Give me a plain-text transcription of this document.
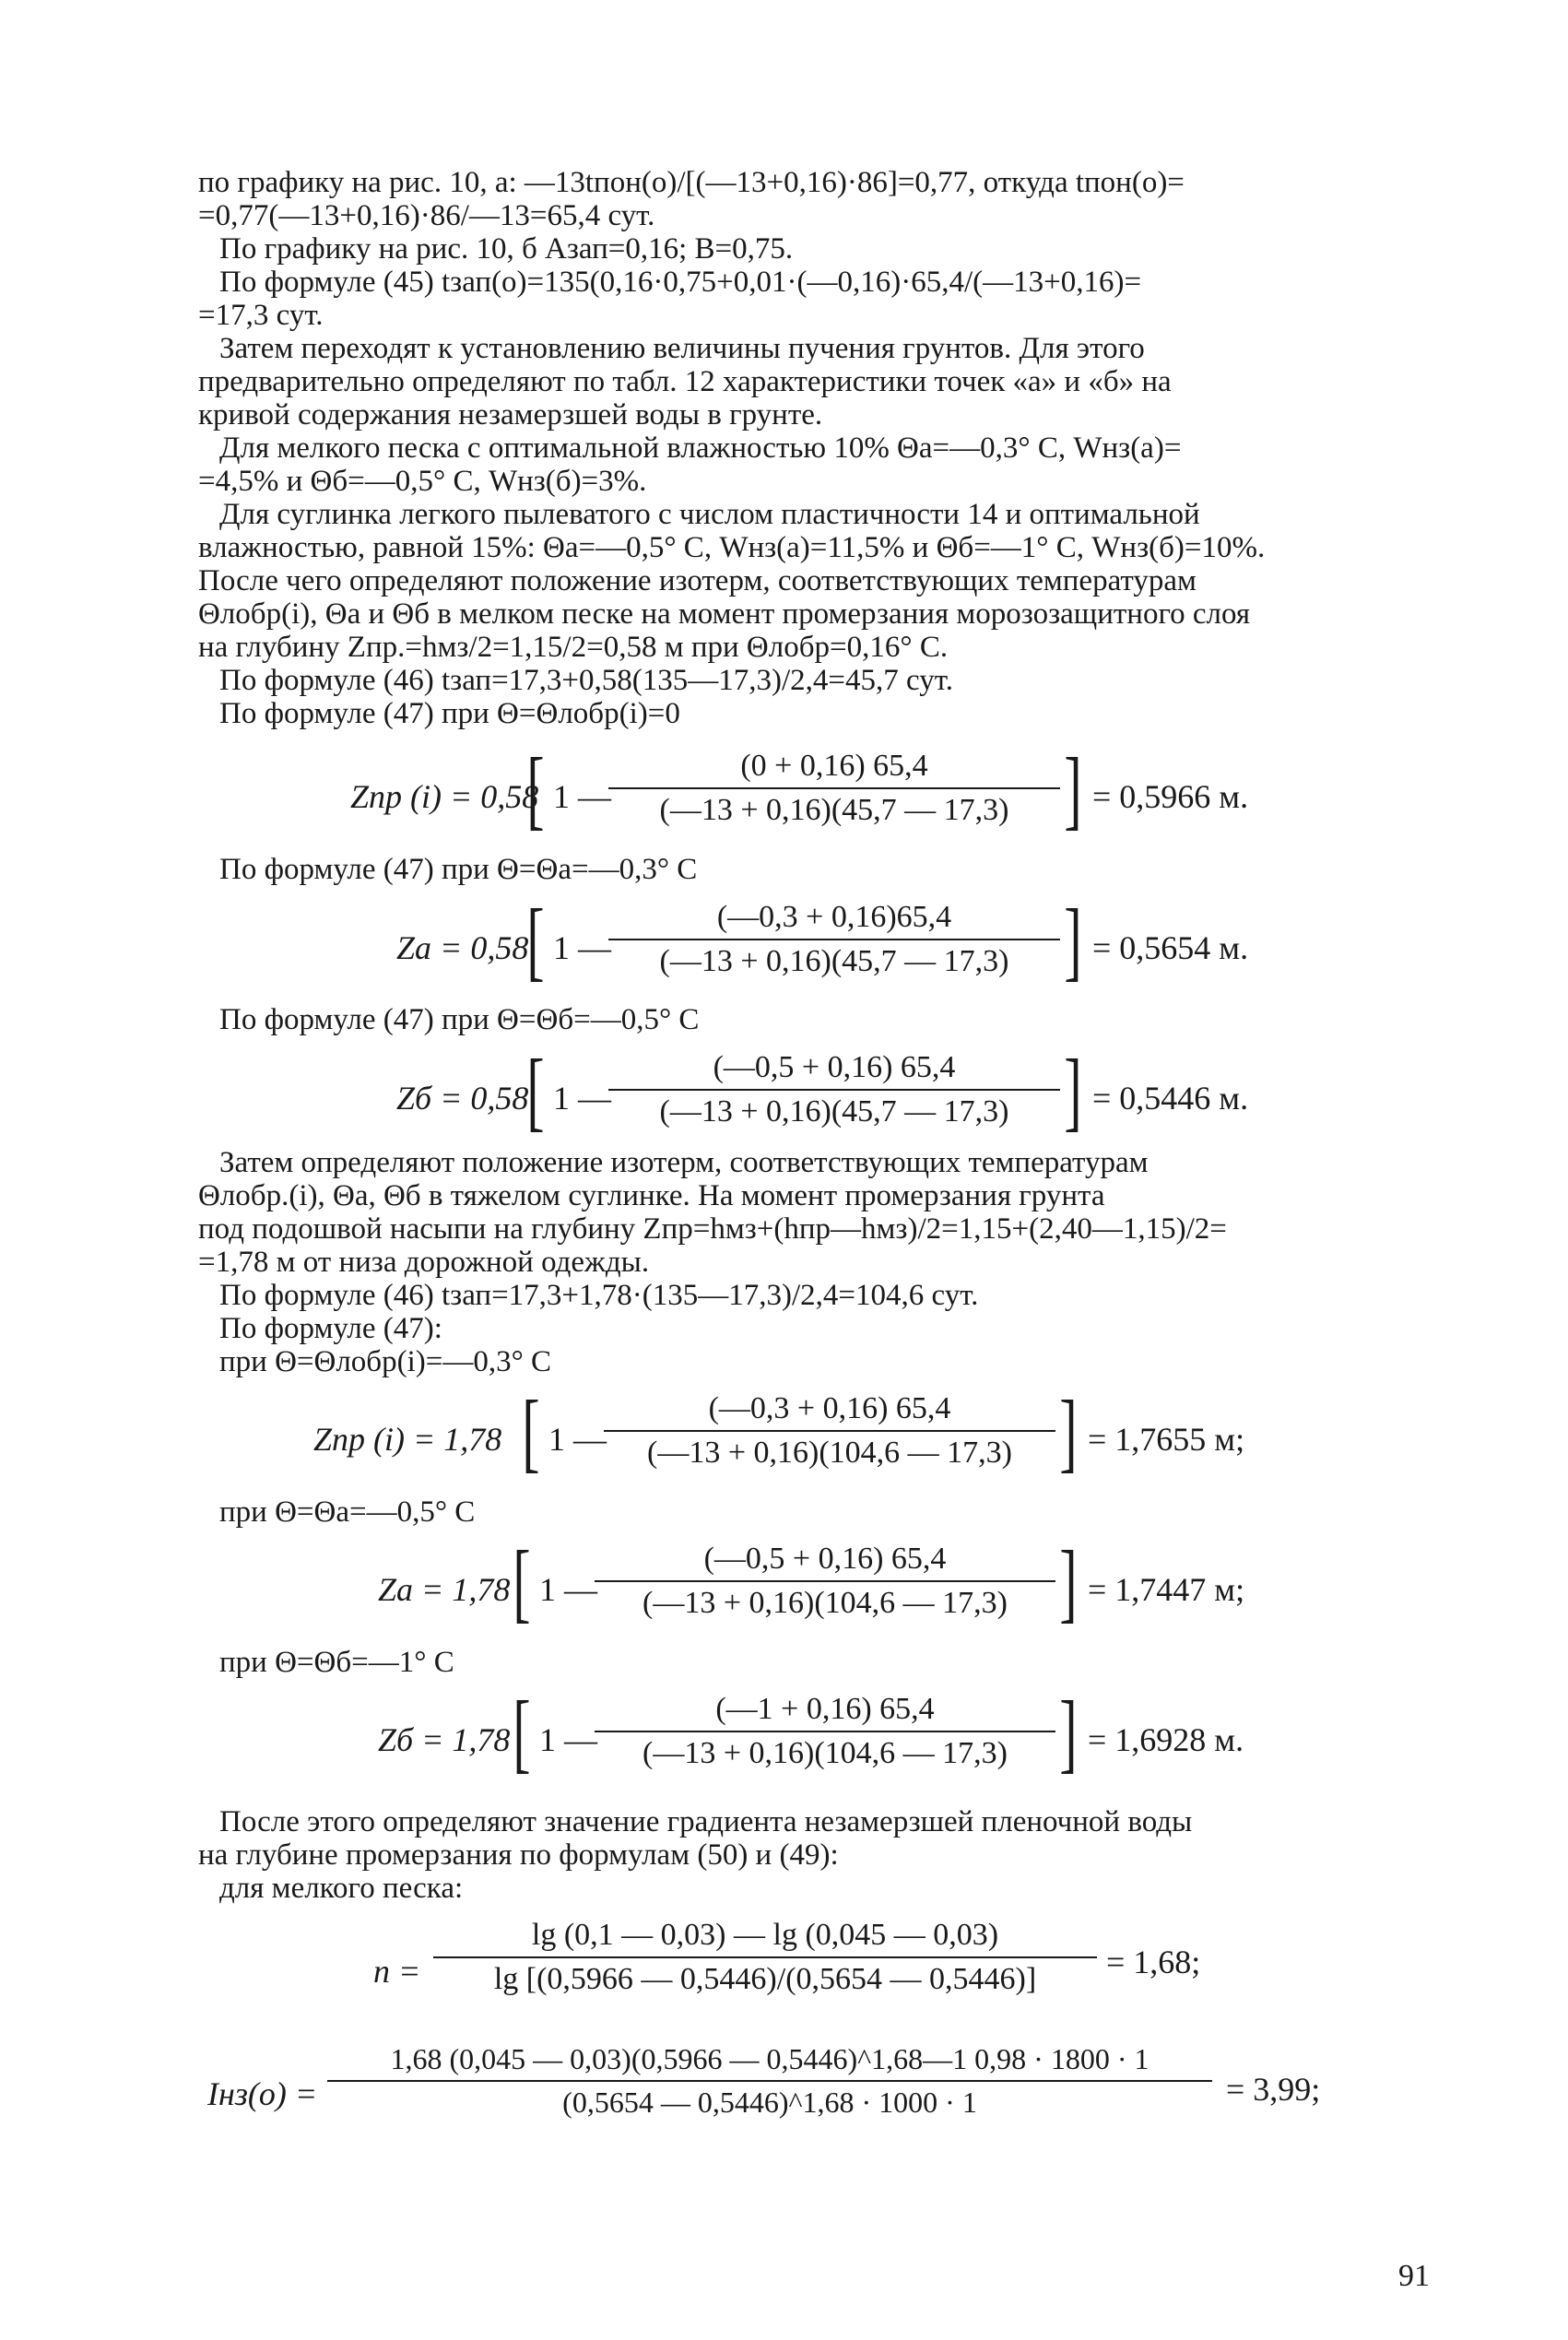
по графику на рис. 10, а: —13tпон(о)/[(—13+0,16)·86]=0,77, откуда tпон(о)=
=0,77(—13+0,16)·86/—13=65,4 сут.
По графику на рис. 10, б Азап=0,16; В=0,75.
По формуле (45) tзап(о)=135(0,16·0,75+0,01·(—0,16)·65,4/(—13+0,16)=
=17,3 сут.
Затем переходят к установлению величины пучения грунтов. Для этого
предварительно определяют по табл. 12 характеристики точек «а» и «б» на
кривой содержания незамерзшей воды в грунте.
Для мелкого песка с оптимальной влажностью 10% Θа=—0,3° С, Wнз(а)=
=4,5% и Θб=—0,5° С, Wнз(б)=3%.
Для суглинка легкого пылеватого с числом пластичности 14 и оптимальной
влажностью, равной 15%: Θа=—0,5° С, Wнз(а)=11,5% и Θб=—1° С, Wнз(б)=10%.
После чего определяют положение изотерм, соответствующих температурам
Θлобр(i), Θа и Θб в мелком песке на момент промерзания морозозащитного слоя
на глубину Zпр.=hмз/2=1,15/2=0,58 м при Θлобр=0,16° С.
По формуле (46) tзап=17,3+0,58(135—17,3)/2,4=45,7 сут.
По формуле (47) при Θ=Θлобр(i)=0
Zпр (i) = 0,58
[ 1 —
$\frac{(0 + 0,16) 65,4}{(—13 + 0,16)(45,7 — 17,3)}$ ] = 0,5966 м.
По формуле (47) при Θ=Θа=—0,3° С
Zа = 0,58
[ 1 —
$\frac{(—0,3 + 0,16)65,4}{(—13 + 0,16)(45,7 — 17,3)}$ ] = 0,5654 м.
По формуле (47) при Θ=Θб=—0,5° С
Zб = 0,58
[ 1 —
$\frac{(—0,5 + 0,16) 65,4}{(—13 + 0,16)(45,7 — 17,3)}$ ] = 0,5446 м.
Затем определяют положение изотерм, соответствующих температурам
Θлобр.(i), Θа, Θб в тяжелом суглинке. На момент промерзания грунта
под подошвой насыпи на глубину Zпр=hмз+(hпр—hмз)/2=1,15+(2,40—1,15)/2=
=1,78 м от низа дорожной одежды.
По формуле (46) tзап=17,3+1,78·(135—17,3)/2,4=104,6 сут.
По формуле (47):
при Θ=Θлобр(i)=—0,3° С
Zпр (i) = 1,78 [ 1 —
$\frac{(—0,3 + 0,16) 65,4}{(—13 + 0,16)(104,6 — 17,3)}$ ] = 1,7655 м;
при Θ=Θа=—0,5° С
Zа = 1,78 [ 1 —
$\frac{(—0,5 + 0,16) 65,4}{(—13 + 0,16)(104,6 — 17,3)}$ ] = 1,7447 м;
при Θ=Θб=—1° С
Zб = 1,78 [ 1 —
$\frac{(—1 + 0,16) 65,4}{(—13 + 0,16)(104,6 — 17,3)}$ ] = 1,6928 м.
После этого определяют значение градиента незамерзшей пленочной воды
на глубине промерзания по формулам (50) и (49):
для мелкого песка:
$n = \frac{\lg (0,1 — 0,03) — \lg (0,045 — 0,03)}{\lg [(0,5966 — 0,5446)/(0,5654 — 0,5446)]} = 1,68$;
$Iнз(о) = \frac{1,68 (0,045 — 0,03)(0,5966 — 0,5446)\^{}1,68—1 0,98 \cdot 1800 \cdot 1}{(0,5654 — 0,5446)\^{}1,68 \cdot 1000 \cdot 1} = 3,99$;
91
